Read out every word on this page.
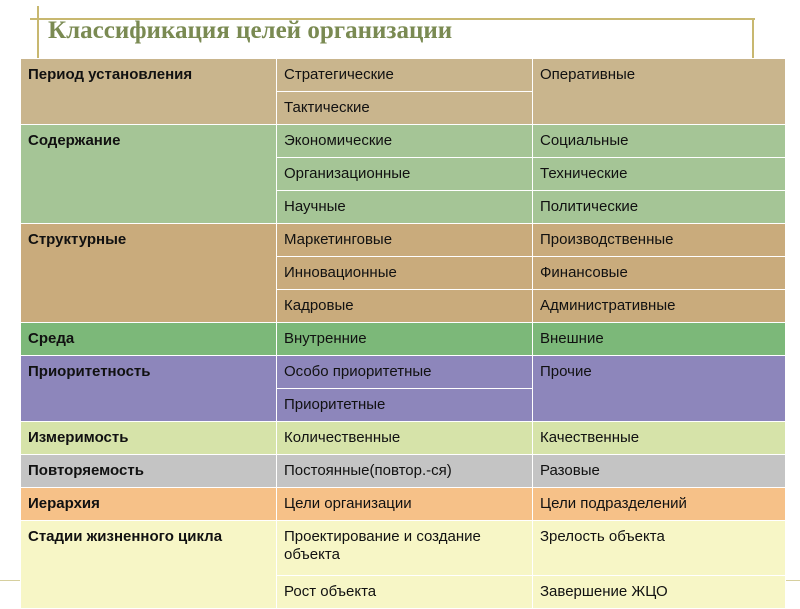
Классификация целей организации
Период установления	Стратегические	Оперативные
	Тактические	
Содержание	Экономические	Социальные
	Организационные	Технические
	Научные	Политические
Структурные	Маркетинговые	Производственные
	Инновационные	Финансовые
	Кадровые	Административные
Среда	Внутренние	Внешние
Приоритетность	Особо приоритетные	Прочие
	Приоритетные	
Измеримость	Количественные	Качественные
Повторяемость	Постоянные(повтор.-ся)	Разовые
Иерархия	Цели организации	Цели подразделений
Стадии жизненного цикла	Проектирование и создание объекта	Зрелость объекта
	Рост объекта	Завершение ЖЦО
